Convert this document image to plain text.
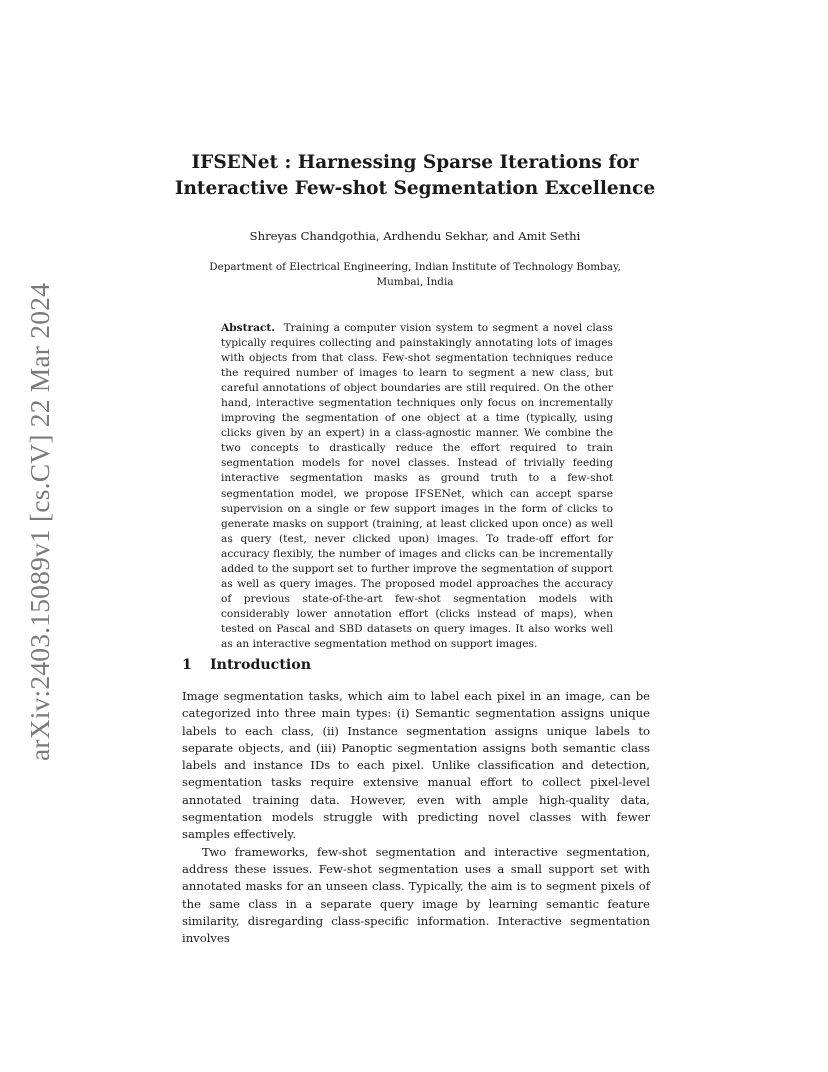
arXiv:2403.15089v1 [cs.CV] 22 Mar 2024
IFSENet : Harnessing Sparse Iterations for
Interactive Few-shot Segmentation Excellence

Shreyas Chandgothia, Ardhendu Sekhar, and Amit Sethi

Department of Electrical Engineering, Indian Institute of Technology Bombay,
Mumbai, India

Abstract. Training a computer vision system to segment a novel class typically requires collecting and painstakingly annotating lots of images with objects from that class. Few-shot segmentation techniques reduce the required number of images to learn to segment a new class, but careful annotations of object boundaries are still required. On the other hand, interactive segmentation techniques only focus on incrementally improving the segmentation of one object at a time (typically, using clicks given by an expert) in a class-agnostic manner. We combine the two concepts to drastically reduce the effort required to train segmentation models for novel classes. Instead of trivially feeding interactive segmentation masks as ground truth to a few-shot segmentation model, we propose IFSENet, which can accept sparse supervision on a single or few support images in the form of clicks to generate masks on support (training, at least clicked upon once) as well as query (test, never clicked upon) images. To trade-off effort for accuracy flexibly, the number of images and clicks can be incrementally added to the support set to further improve the segmentation of support as well as query images. The proposed model approaches the accuracy of previous state-of-the-art few-shot segmentation models with considerably lower annotation effort (clicks instead of maps), when tested on Pascal and SBD datasets on query images. It also works well as an interactive segmentation method on support images.

1 Introduction

Image segmentation tasks, which aim to label each pixel in an image, can be categorized into three main types: (i) Semantic segmentation assigns unique labels to each class, (ii) Instance segmentation assigns unique labels to separate objects, and (iii) Panoptic segmentation assigns both semantic class labels and instance IDs to each pixel. Unlike classification and detection, segmentation tasks require extensive manual effort to collect pixel-level annotated training data. However, even with ample high-quality data, segmentation models struggle with predicting novel classes with fewer samples effectively.

Two frameworks, few-shot segmentation and interactive segmentation, address these issues. Few-shot segmentation uses a small support set with annotated masks for an unseen class. Typically, the aim is to segment pixels of the same class in a separate query image by learning semantic feature similarity, disregarding class-specific information. Interactive segmentation involves
